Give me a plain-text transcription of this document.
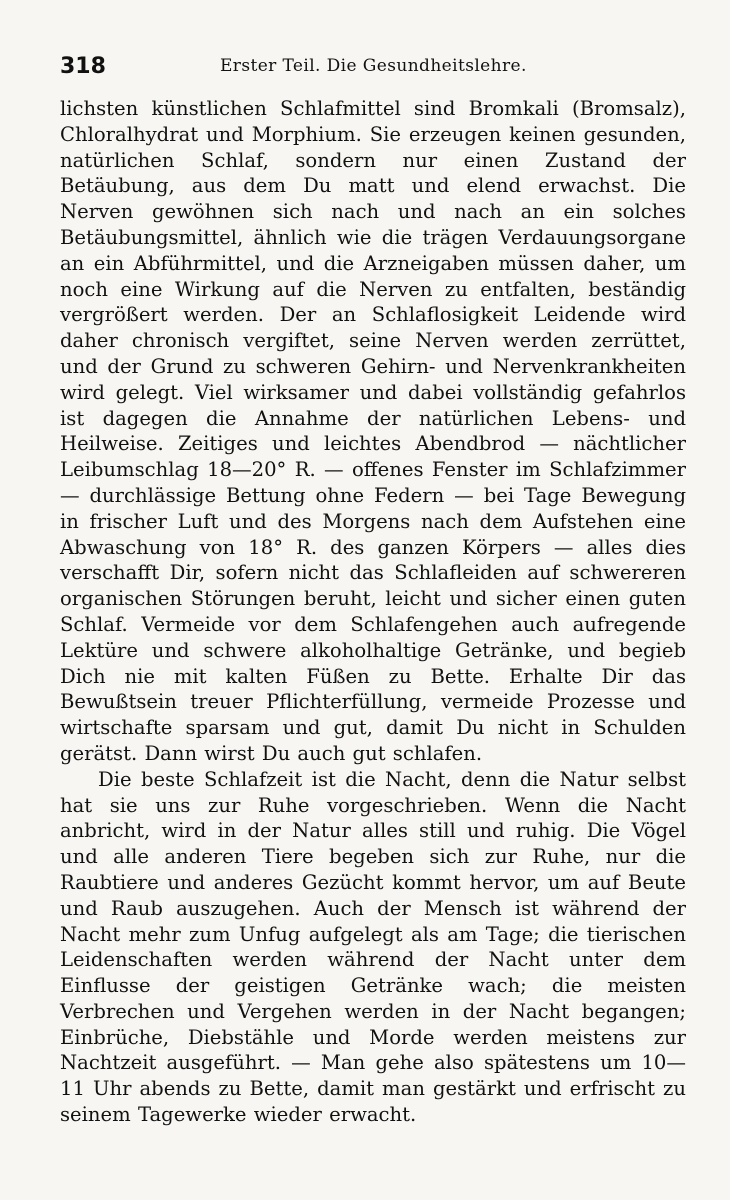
318	Erster Teil. Die Gesundheitslehre.

lichsten künstlichen Schlafmittel sind Bromkali (Bromsalz), Chloralhydrat und Morphium. Sie erzeugen keinen gesunden, natürlichen Schlaf, sondern nur einen Zustand der Betäubung, aus dem Du matt und elend erwachst. Die Nerven gewöhnen sich nach und nach an ein solches Betäubungsmittel, ähnlich wie die trägen Verdauungsorgane an ein Abführmittel, und die Arzneigaben müssen daher, um noch eine Wirkung auf die Nerven zu entfalten, beständig vergrößert werden. Der an Schlaflosigkeit Leidende wird daher chronisch vergiftet, seine Nerven werden zerrüttet, und der Grund zu schweren Gehirn- und Nervenkrankheiten wird gelegt. Viel wirksamer und dabei vollständig gefahrlos ist dagegen die Annahme der natürlichen Lebens- und Heilweise. Zeitiges und leichtes Abendbrod — nächtlicher Leibumschlag 18—20° R. — offenes Fenster im Schlafzimmer — durchlässige Bettung ohne Federn — bei Tage Bewegung in frischer Luft und des Morgens nach dem Aufstehen eine Abwaschung von 18° R. des ganzen Körpers — alles dies verschafft Dir, sofern nicht das Schlafleiden auf schwereren organischen Störungen beruht, leicht und sicher einen guten Schlaf. Vermeide vor dem Schlafengehen auch aufregende Lektüre und schwere alkoholhaltige Getränke, und begieb Dich nie mit kalten Füßen zu Bette. Erhalte Dir das Bewußtsein treuer Pflichterfüllung, vermeide Prozesse und wirtschafte sparsam und gut, damit Du nicht in Schulden gerätst. Dann wirst Du auch gut schlafen.

Die beste Schlafzeit ist die Nacht, denn die Natur selbst hat sie uns zur Ruhe vorgeschrieben. Wenn die Nacht anbricht, wird in der Natur alles still und ruhig. Die Vögel und alle anderen Tiere begeben sich zur Ruhe, nur die Raubtiere und anderes Gezücht kommt hervor, um auf Beute und Raub auszugehen. Auch der Mensch ist während der Nacht mehr zum Unfug aufgelegt als am Tage; die tierischen Leidenschaften werden während der Nacht unter dem Einflusse der geistigen Getränke wach; die meisten Verbrechen und Vergehen werden in der Nacht begangen; Einbrüche, Diebstähle und Morde werden meistens zur Nachtzeit ausgeführt. — Man gehe also spätestens um 10—11 Uhr abends zu Bette, damit man gestärkt und erfrischt zu seinem Tagewerke wieder erwacht.
